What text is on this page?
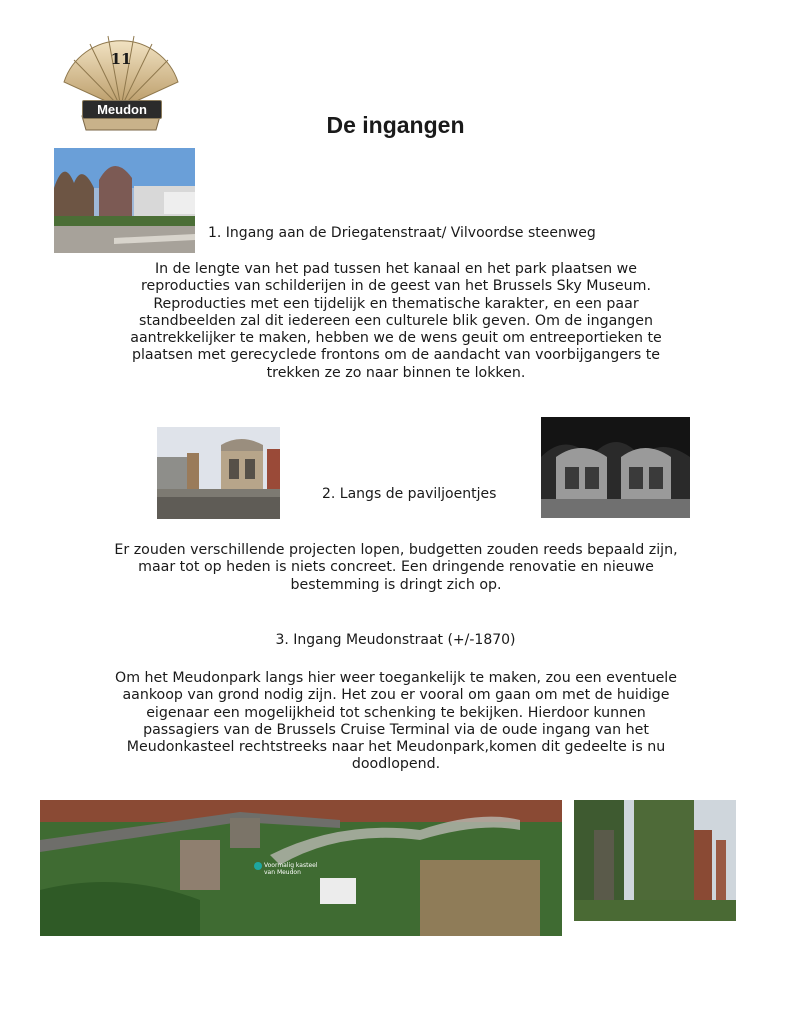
11
Meudon
De ingangen
1. Ingang aan de Driegatenstraat/ Vilvoordse steenweg
In de lengte van het pad tussen het kanaal en het park plaatsen we reproducties van schilderijen in de geest van het Brussels Sky Museum. Reproducties met een tijdelijk en thematische karakter, en een paar standbeelden zal dit iedereen een culturele blik geven. Om de ingangen aantrekkelijker te maken, hebben we de wens geuit om entreeportieken te plaatsen met gerecyclede frontons om de aandacht van voorbijgangers te trekken ze zo naar binnen te lokken.
2. Langs de paviljoentjes
Er zouden verschillende projecten lopen, budgetten zouden reeds bepaald zijn, maar tot op heden is niets concreet. Een dringende renovatie en nieuwe bestemming is dringt zich op.
3. Ingang Meudonstraat (+/-1870)
Om het Meudonpark langs hier weer toegankelijk te maken, zou een eventuele aankoop van grond nodig zijn. Het zou er vooral om gaan om met de huidige eigenaar een mogelijkheid tot schenking te bekijken. Hierdoor kunnen passagiers van de Brussels Cruise Terminal via de oude ingang van het Meudonkasteel rechtstreeks naar het Meudonpark,komen dit gedeelte is nu doodlopend.
Voormalig kasteel van Meudon
